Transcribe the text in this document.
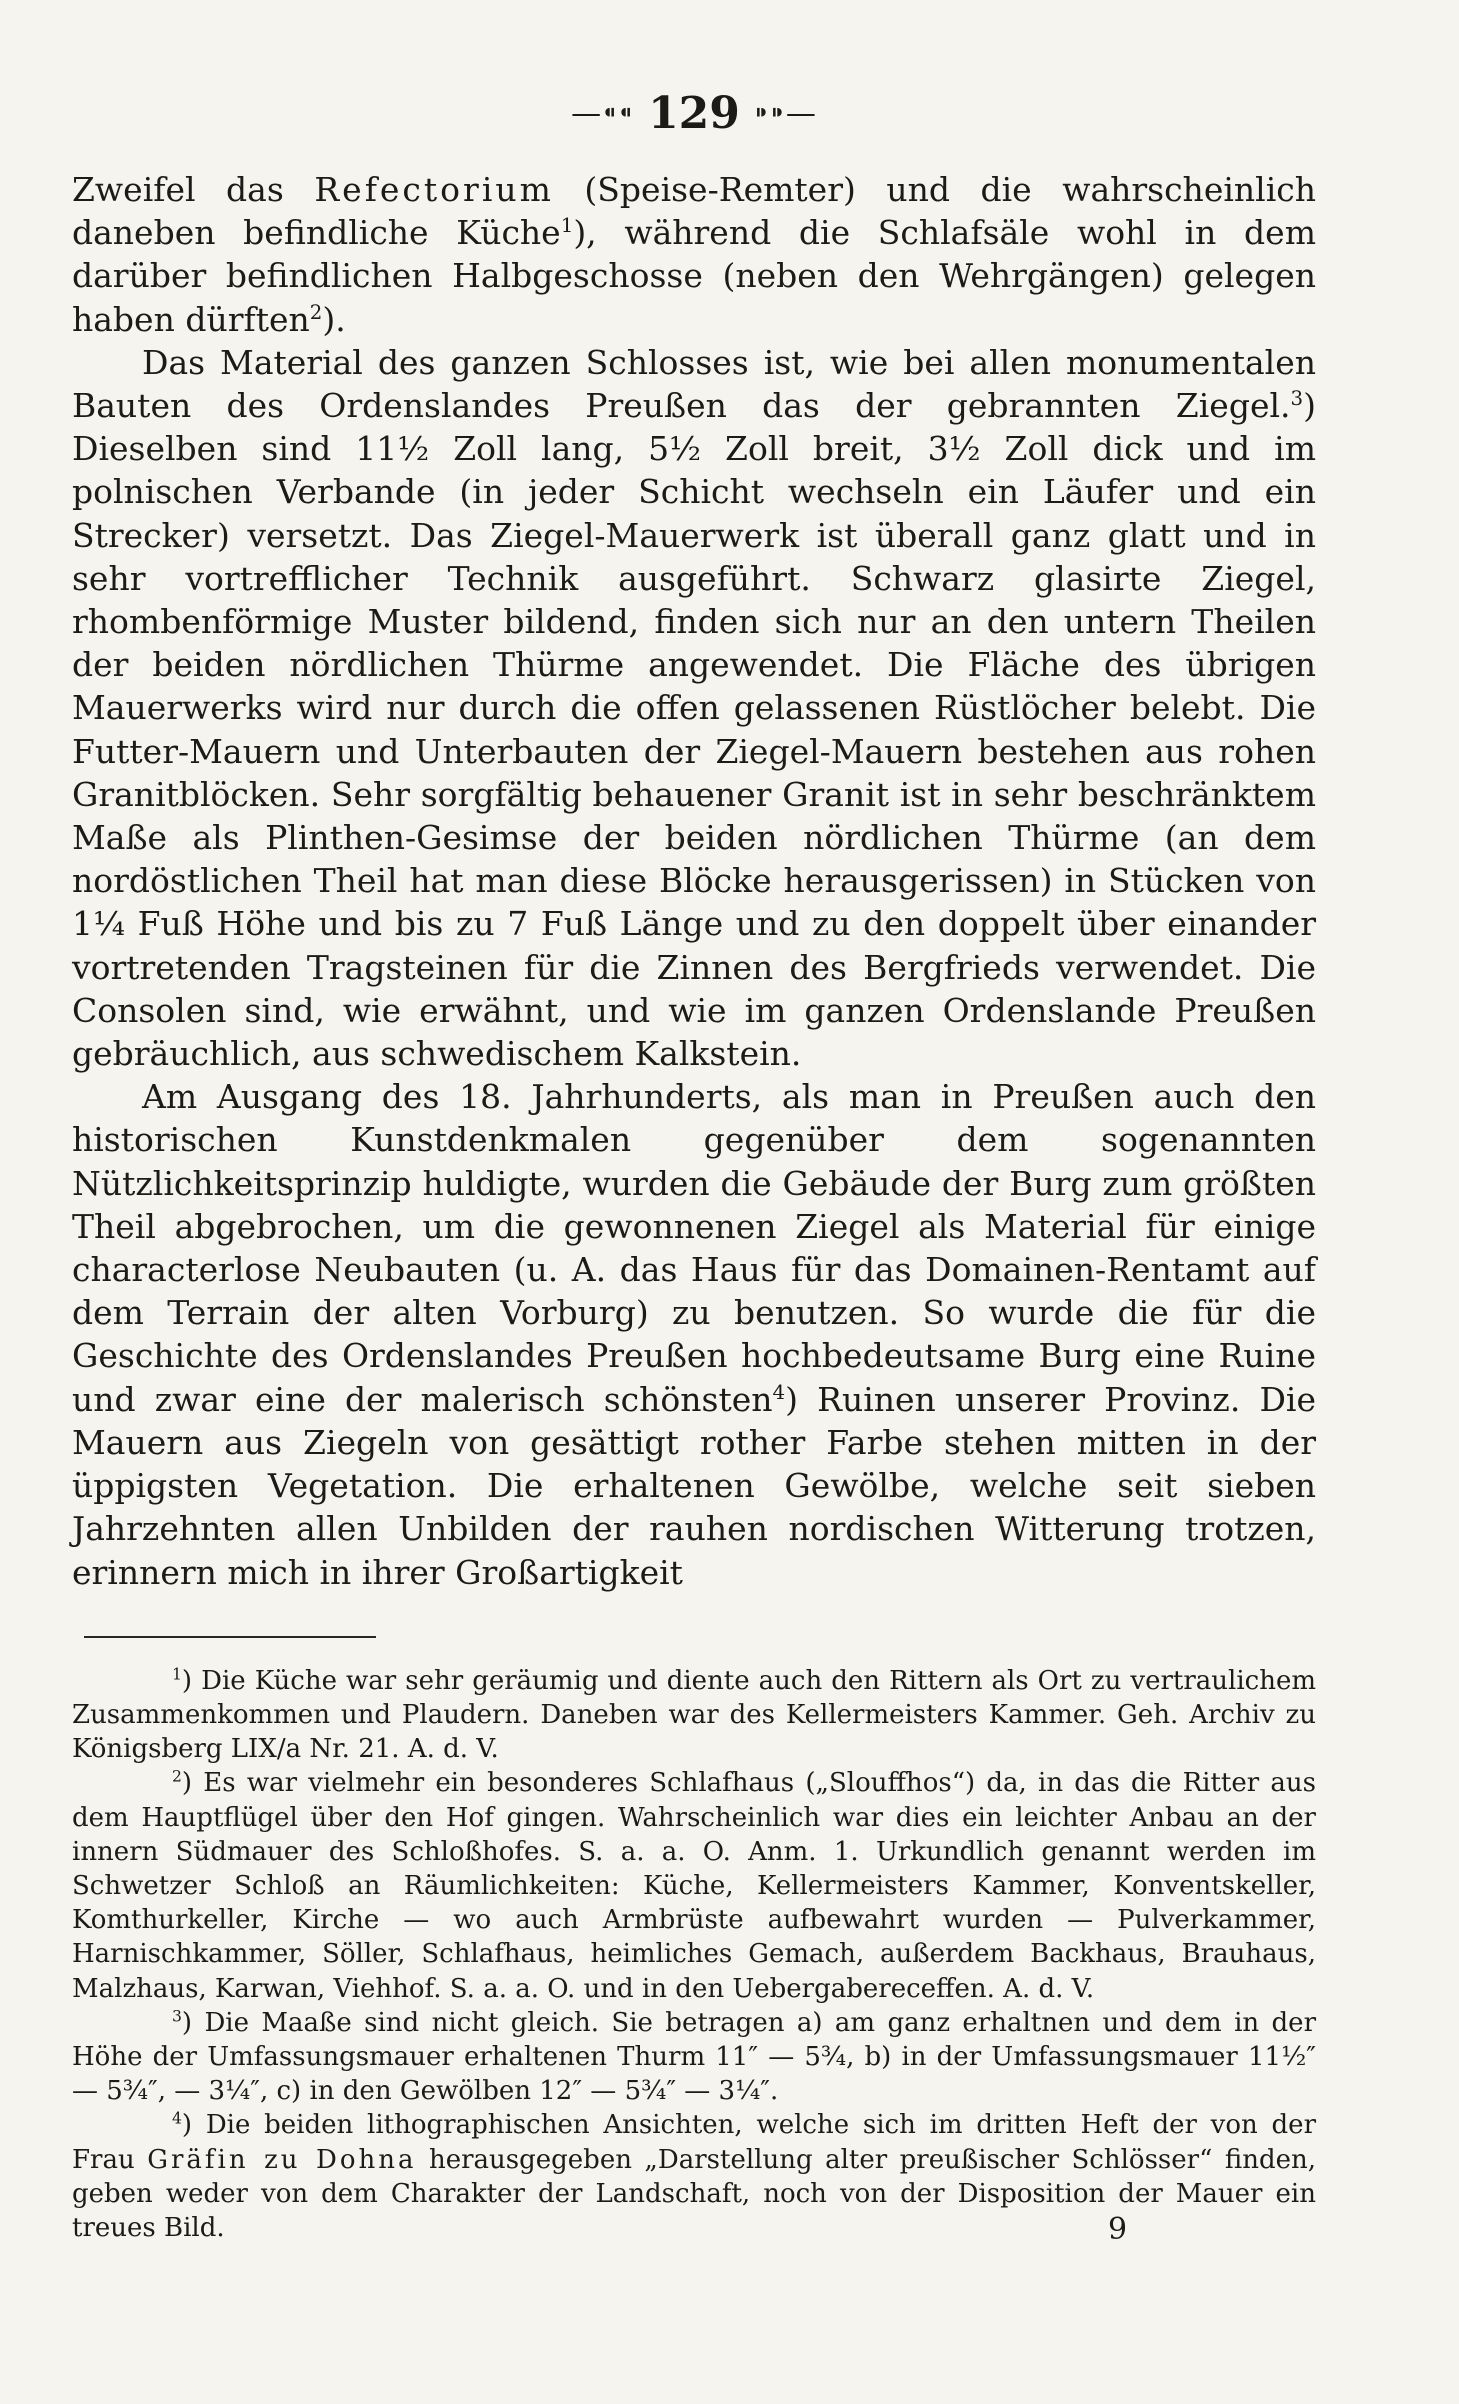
—⁌⁌ 129 ⁍⁍—

Zweifel das Refectorium (Speise-Remter) und die wahrscheinlich daneben befindliche Küche$^1$), während die Schlafsäle wohl in dem darüber befindlichen Halbgeschosse (neben den Wehrgängen) gelegen haben dürften$^2$).

Das Material des ganzen Schlosses ist, wie bei allen monumentalen Bauten des Ordenslandes Preußen das der gebrannten Ziegel.$^3$) Dieselben sind 11½ Zoll lang, 5½ Zoll breit, 3½ Zoll dick und im polnischen Verbande (in jeder Schicht wechseln ein Läufer und ein Strecker) versetzt. Das Ziegel-Mauerwerk ist überall ganz glatt und in sehr vortrefflicher Technik ausgeführt. Schwarz glasirte Ziegel, rhombenförmige Muster bildend, finden sich nur an den untern Theilen der beiden nördlichen Thürme angewendet. Die Fläche des übrigen Mauerwerks wird nur durch die offen gelassenen Rüstlöcher belebt. Die Futter-Mauern und Unterbauten der Ziegel-Mauern bestehen aus rohen Granitblöcken. Sehr sorgfältig behauener Granit ist in sehr beschränktem Maße als Plinthen-Gesimse der beiden nördlichen Thürme (an dem nordöstlichen Theil hat man diese Blöcke herausgerissen) in Stücken von 1¼ Fuß Höhe und bis zu 7 Fuß Länge und zu den doppelt über einander vortretenden Tragsteinen für die Zinnen des Bergfrieds verwendet. Die Consolen sind, wie erwähnt, und wie im ganzen Ordenslande Preußen gebräuchlich, aus schwedischem Kalkstein.

Am Ausgang des 18. Jahrhunderts, als man in Preußen auch den historischen Kunstdenkmalen gegenüber dem sogenannten Nützlichkeitsprinzip huldigte, wurden die Gebäude der Burg zum größten Theil abgebrochen, um die gewonnenen Ziegel als Material für einige characterlose Neubauten (u. A. das Haus für das Domainen-Rentamt auf dem Terrain der alten Vorburg) zu benutzen. So wurde die für die Geschichte des Ordenslandes Preußen hochbedeutsame Burg eine Ruine und zwar eine der malerisch schönsten$^4$) Ruinen unserer Provinz. Die Mauern aus Ziegeln von gesättigt rother Farbe stehen mitten in der üppigsten Vegetation. Die erhaltenen Gewölbe, welche seit sieben Jahrzehnten allen Unbilden der rauhen nordischen Witterung trotzen, erinnern mich in ihrer Großartigkeit

$^1$) Die Küche war sehr geräumig und diente auch den Rittern als Ort zu vertraulichem Zusammenkommen und Plaudern. Daneben war des Kellermeisters Kammer. Geh. Archiv zu Königsberg LIX/a Nr. 21. A. d. V.

$^2$) Es war vielmehr ein besonderes Schlafhaus („Slouffhos“) da, in das die Ritter aus dem Hauptflügel über den Hof gingen. Wahrscheinlich war dies ein leichter Anbau an der innern Südmauer des Schloßhofes. S. a. a. O. Anm. 1. Urkundlich genannt werden im Schwetzer Schloß an Räumlichkeiten: Küche, Kellermeisters Kammer, Konventskeller, Komthurkeller, Kirche — wo auch Armbrüste aufbewahrt wurden — Pulverkammer, Harnischkammer, Söller, Schlafhaus, heimliches Gemach, außerdem Backhaus, Brauhaus, Malzhaus, Karwan, Viehhof. S. a. a. O. und in den Uebergabereceffen. A. d. V.

$^3$) Die Maaße sind nicht gleich. Sie betragen a) am ganz erhaltnen und dem in der Höhe der Umfassungsmauer erhaltenen Thurm 11″ — 5¾, b) in der Umfassungsmauer 11½″ — 5¾″, — 3¼″, c) in den Gewölben 12″ — 5¾″ — 3¼″.

$^4$) Die beiden lithographischen Ansichten, welche sich im dritten Heft der von der Frau Gräfin zu Dohna herausgegeben „Darstellung alter preußischer Schlösser“ finden, geben weder von dem Charakter der Landschaft, noch von der Disposition der Mauer ein treues Bild.	9
